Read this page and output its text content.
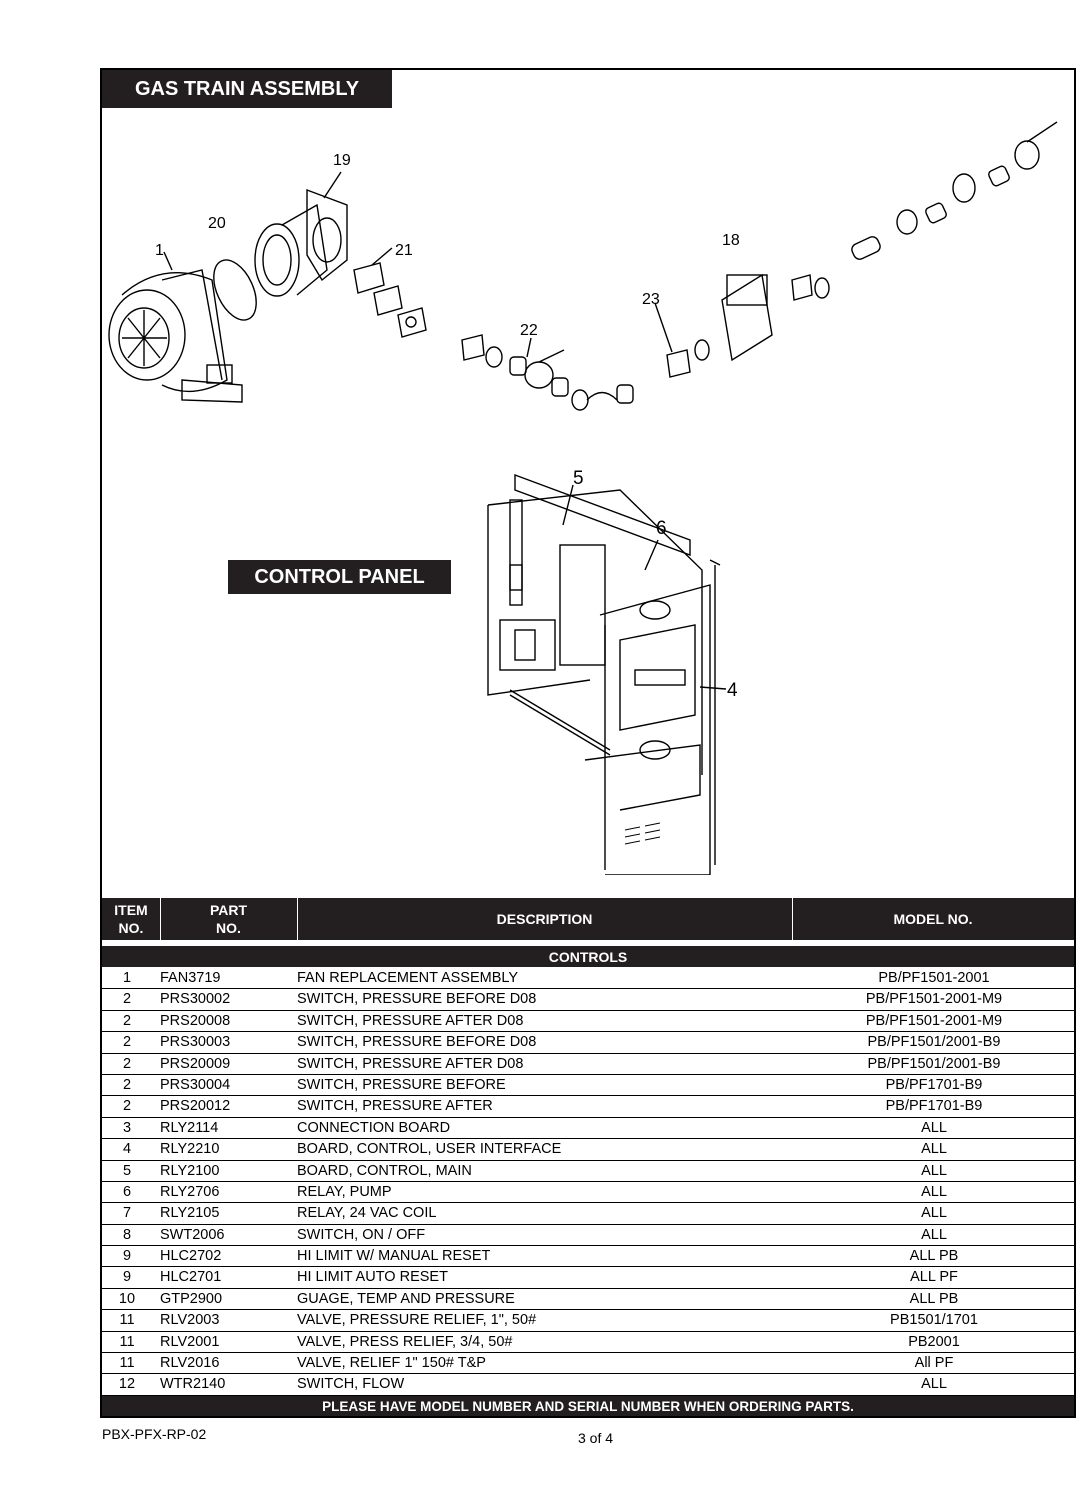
GAS TRAIN ASSEMBLY
19
20
1	21
18
23
22
CONTROL PANEL
5
6
4
ITEM
NO.
PART
NO.
DESCRIPTION	MODEL NO.
CONTROLS
1	FAN3719	FAN REPLACEMENT ASSEMBLY	PB/PF1501-2001
2	PRS30002	SWITCH, PRESSURE BEFORE D08	PB/PF1501-2001-M9
2	PRS20008	SWITCH, PRESSURE AFTER D08	PB/PF1501-2001-M9
2	PRS30003	SWITCH, PRESSURE BEFORE D08	PB/PF1501/2001-B9
2	PRS20009	SWITCH, PRESSURE AFTER D08	PB/PF1501/2001-B9
2	PRS30004	SWITCH, PRESSURE BEFORE	PB/PF1701-B9
2	PRS20012	SWITCH, PRESSURE AFTER	PB/PF1701-B9
3	RLY2114	CONNECTION BOARD	ALL
4	RLY2210	BOARD, CONTROL, USER INTERFACE	ALL
5	RLY2100	BOARD, CONTROL, MAIN	ALL
6	RLY2706	RELAY, PUMP	ALL
7	RLY2105	RELAY, 24 VAC COIL	ALL
8	SWT2006	SWITCH, ON / OFF	ALL
9	HLC2702	HI LIMIT W/ MANUAL RESET	ALL PB
9	HLC2701	HI LIMIT AUTO RESET	ALL PF
10	GTP2900	GUAGE, TEMP AND PRESSURE	ALL PB
11	RLV2003	VALVE, PRESSURE RELIEF, 1", 50#	PB1501/1701
11	RLV2001	VALVE, PRESS RELIEF, 3/4, 50#	PB2001
11	RLV2016	VALVE, RELIEF 1" 150# T&P	All PF
12	WTR2140	SWITCH, FLOW	ALL
PLEASE HAVE MODEL NUMBER AND SERIAL NUMBER WHEN ORDERING PARTS.
PBX-PFX-RP-02	3 of 4
